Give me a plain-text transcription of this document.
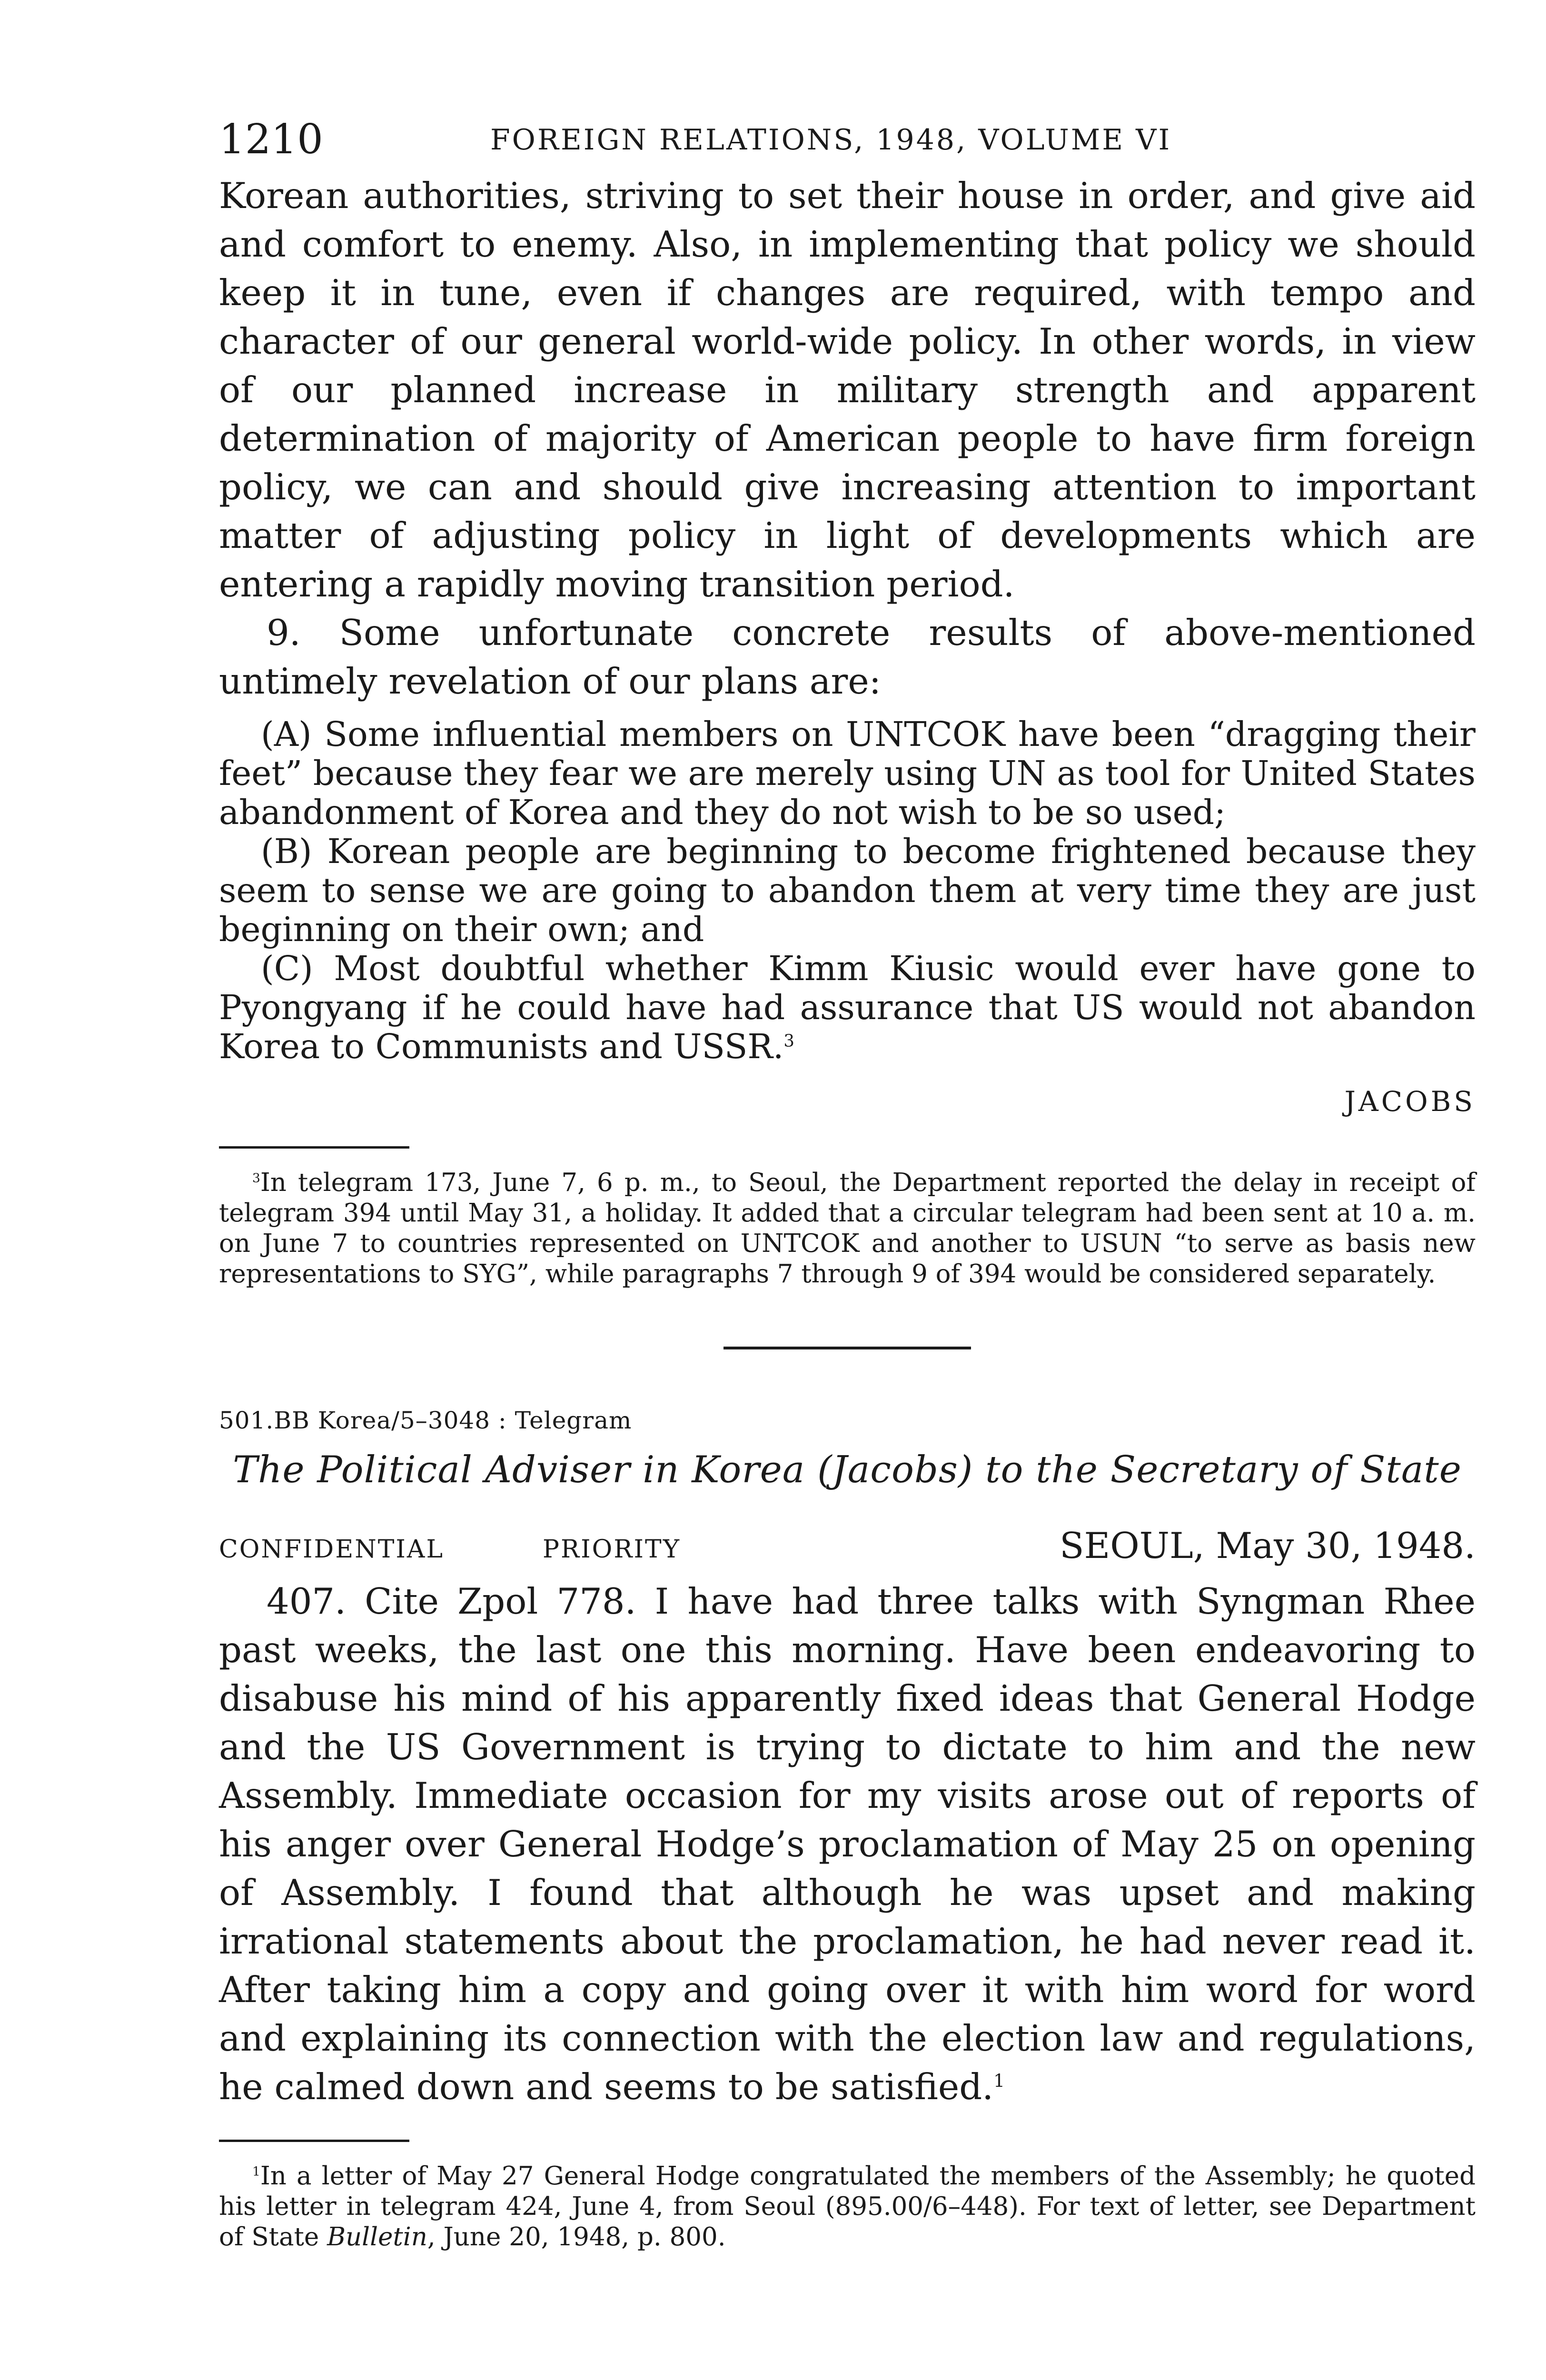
1210	FOREIGN RELATIONS, 1948, VOLUME VI

Korean authorities, striving to set their house in order, and give aid and comfort to enemy. Also, in implementing that policy we should keep it in tune, even if changes are required, with tempo and character of our general world-wide policy. In other words, in view of our planned increase in military strength and apparent determination of majority of American people to have firm foreign policy, we can and should give increasing attention to important matter of adjusting policy in light of developments which are entering a rapidly moving transition period.

9. Some unfortunate concrete results of above-mentioned untimely revelation of our plans are:

(A) Some influential members on UNTCOK have been “dragging their feet” because they fear we are merely using UN as tool for United States abandonment of Korea and they do not wish to be so used;

(B) Korean people are beginning to become frightened because they seem to sense we are going to abandon them at very time they are just beginning on their own; and

(C) Most doubtful whether Kimm Kiusic would ever have gone to Pyongyang if he could have had assurance that US would not abandon Korea to Communists and USSR.$^3$

JACOBS

$^3$In telegram 173, June 7, 6 p. m., to Seoul, the Department reported the delay in receipt of telegram 394 until May 31, a holiday. It added that a circular telegram had been sent at 10 a. m. on June 7 to countries represented on UNTCOK and another to USUN “to serve as basis new representations to SYG”, while paragraphs 7 through 9 of 394 would be considered separately.

501.BB Korea/5–3048 : Telegram

The Political Adviser in Korea (Jacobs) to the Secretary of State

CONFIDENTIAL	PRIORITY	SEOUL, May 30, 1948.

407. Cite Zpol 778. I have had three talks with Syngman Rhee past weeks, the last one this morning. Have been endeavoring to disabuse his mind of his apparently fixed ideas that General Hodge and the US Government is trying to dictate to him and the new Assembly. Immediate occasion for my visits arose out of reports of his anger over General Hodge’s proclamation of May 25 on opening of Assembly. I found that although he was upset and making irrational statements about the proclamation, he had never read it. After taking him a copy and going over it with him word for word and explaining its connection with the election law and regulations, he calmed down and seems to be satisfied.$^1$

$^1$In a letter of May 27 General Hodge congratulated the members of the Assembly; he quoted his letter in telegram 424, June 4, from Seoul (895.00/6–448). For text of letter, see Department of State Bulletin, June 20, 1948, p. 800.
